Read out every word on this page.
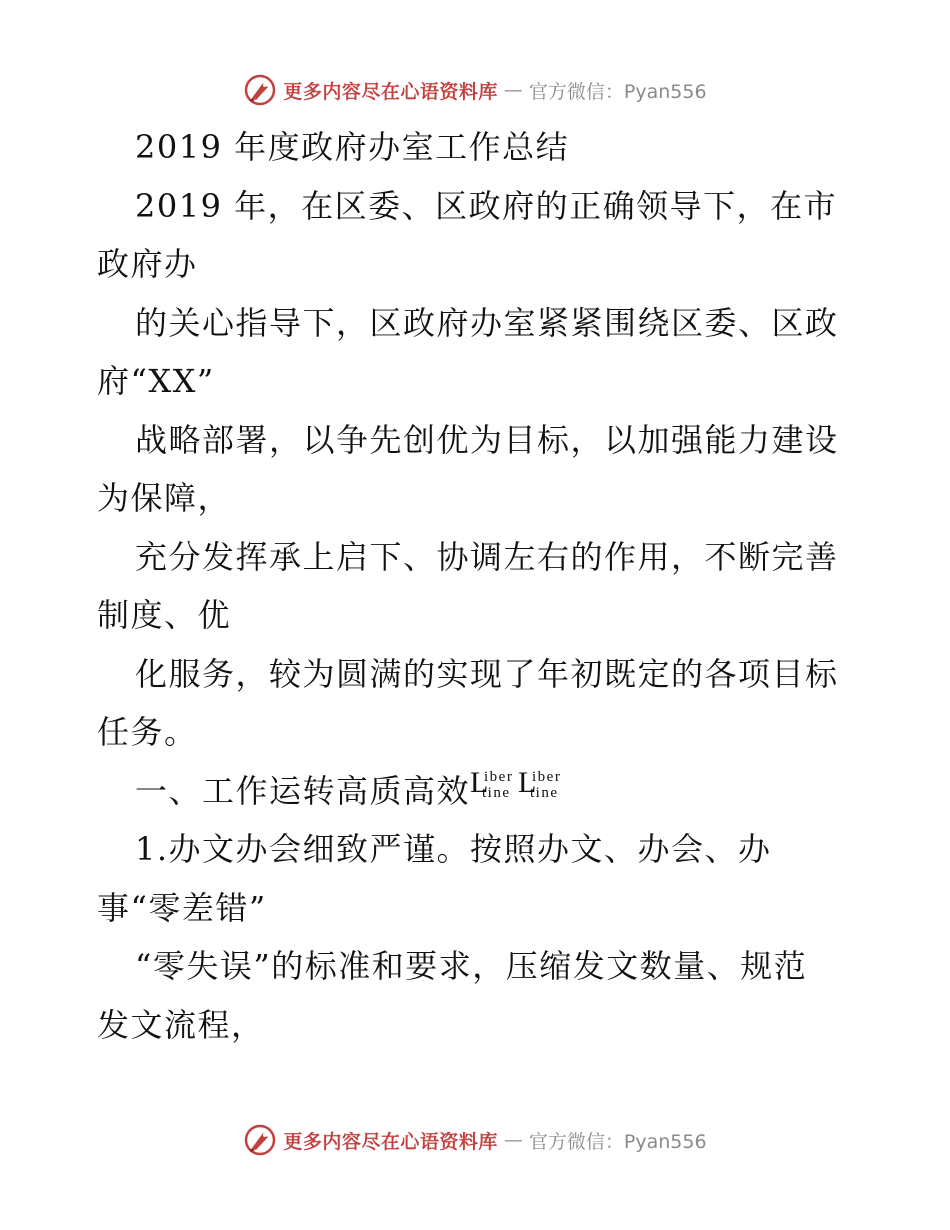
更多内容尽在心语资料库 — 官方微信：Pyan556
2019 年度政府办室工作总结
2019 年，在区委、区政府的正确领导下，在市
政府办
的关心指导下，区政府办室紧紧围绕区委、区政
府“XX”
战略部署，以争先创优为目标，以加强能力建设
为保障，
充分发挥承上启下、协调左右的作用，不断完善
制度、优
化服务，较为圆满的实现了年初既定的各项目标
任务。
一、工作运转高质高效 L
iber
tine L
iber
tine
1.办文办会细致严谨。按照办文、办会、办
事“零差错”
“零失误”的标准和要求，压缩发文数量、规范
发文流程，
更多内容尽在心语资料库 — 官方微信：Pyan556
